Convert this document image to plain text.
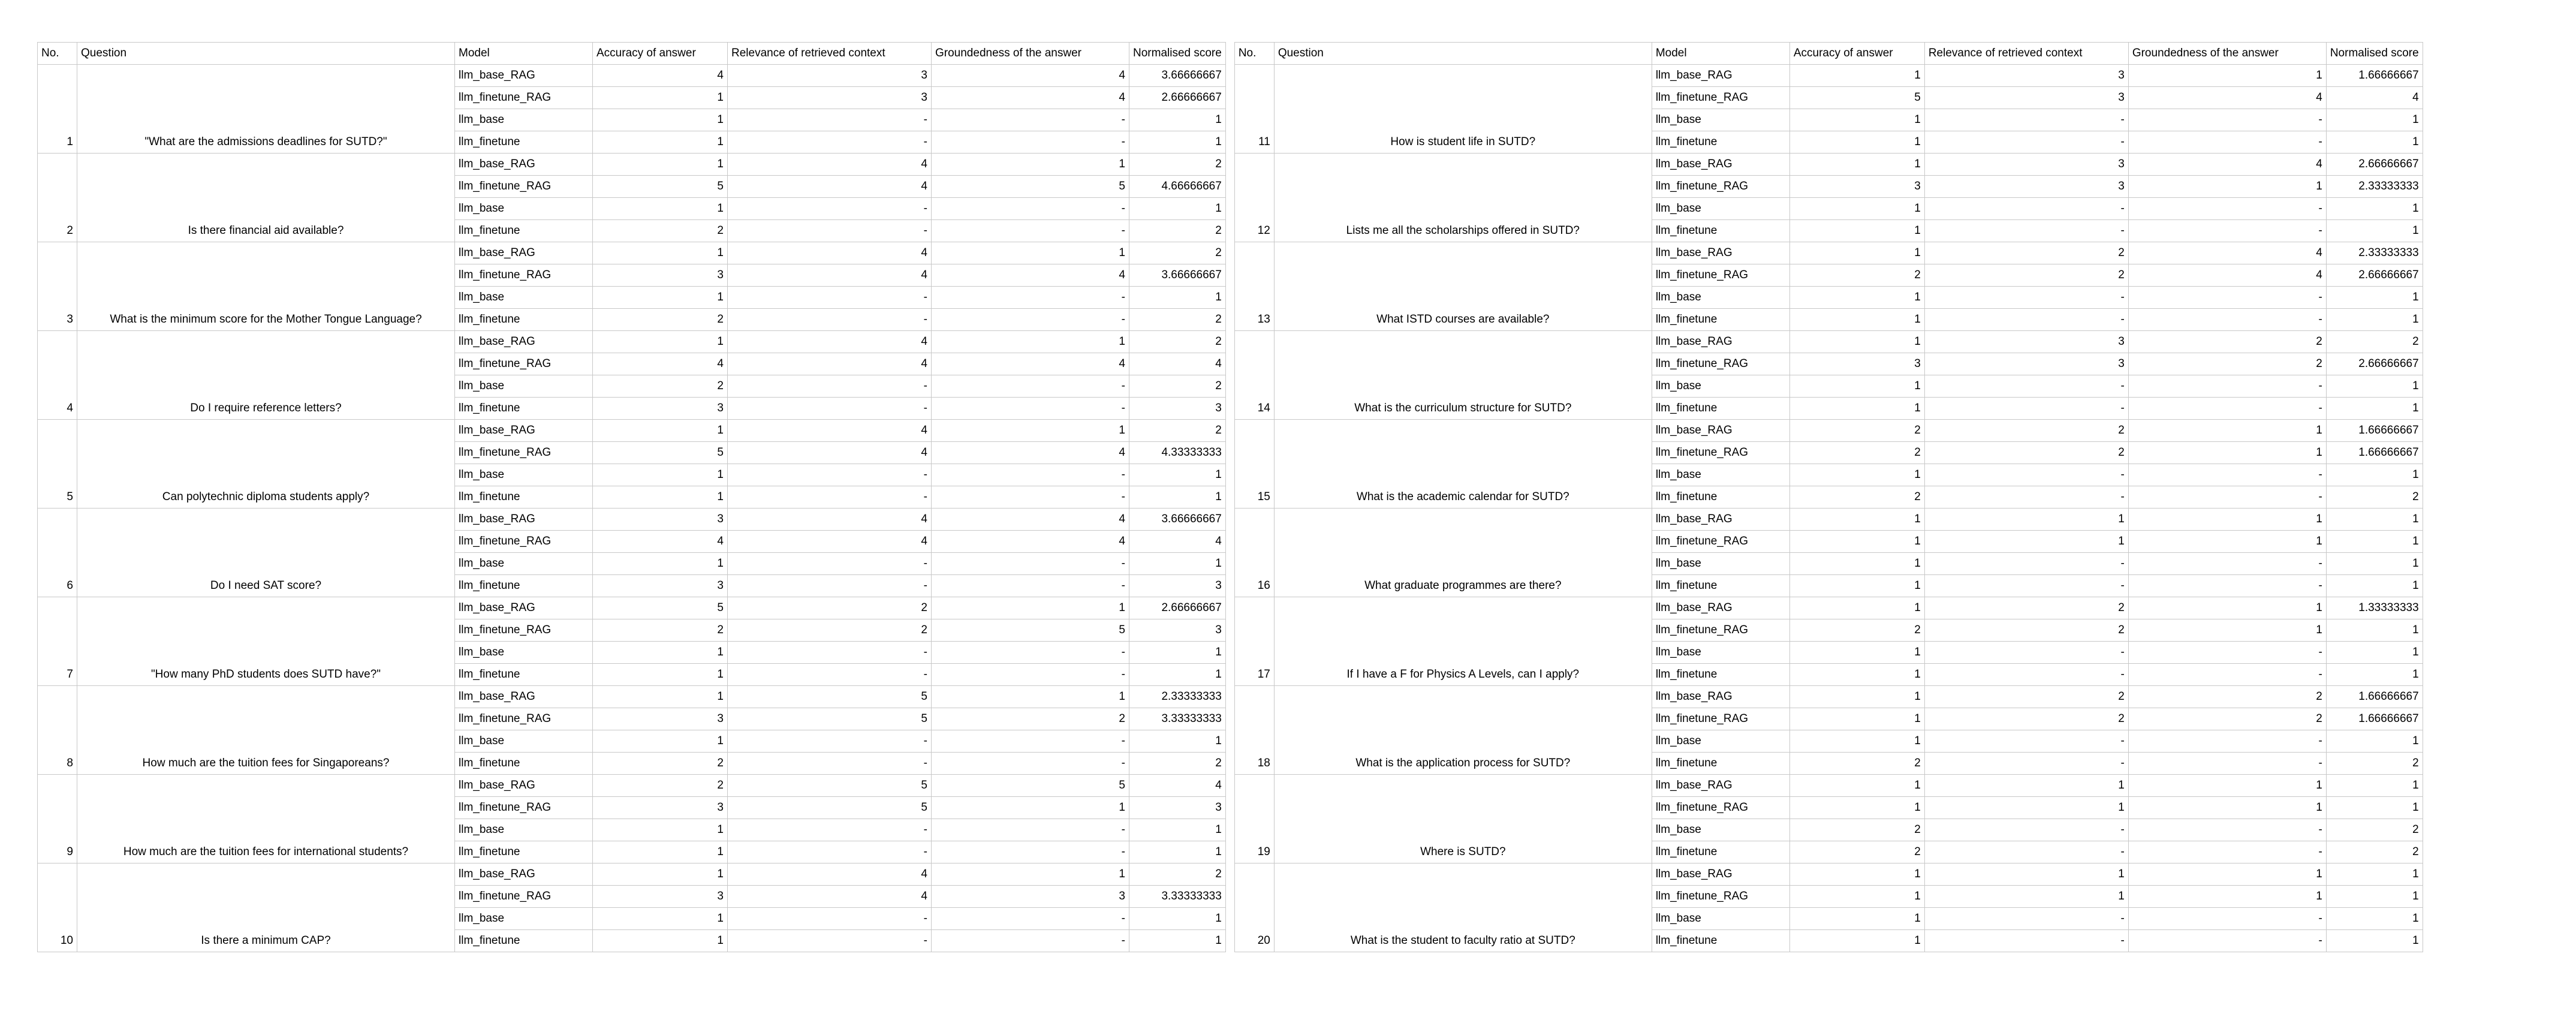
No.	Question	Model	Accuracy of answer	Relevance of retrieved context	Groundedness of the answer	Normalised score
1	"What are the admissions deadlines for SUTD?"	llm_base_RAG	4	3	4	3.66666667
		llm_finetune_RAG	1	3	4	2.66666667
		llm_base	1	-	-	1
		llm_finetune	1	-	-	1
2	Is there financial aid available?	llm_base_RAG	1	4	1	2
		llm_finetune_RAG	5	4	5	4.66666667
		llm_base	1	-	-	1
		llm_finetune	2	-	-	2
3	What is the minimum score for the Mother Tongue Language?	llm_base_RAG	1	4	1	2
		llm_finetune_RAG	3	4	4	3.66666667
		llm_base	1	-	-	1
		llm_finetune	2	-	-	2
4	Do I require reference letters?	llm_base_RAG	1	4	1	2
		llm_finetune_RAG	4	4	4	4
		llm_base	2	-	-	2
		llm_finetune	3	-	-	3
5	Can polytechnic diploma students apply?	llm_base_RAG	1	4	1	2
		llm_finetune_RAG	5	4	4	4.33333333
		llm_base	1	-	-	1
		llm_finetune	1	-	-	1
6	Do I need SAT score?	llm_base_RAG	3	4	4	3.66666667
		llm_finetune_RAG	4	4	4	4
		llm_base	1	-	-	1
		llm_finetune	3	-	-	3
7	"How many PhD students does SUTD have?"	llm_base_RAG	5	2	1	2.66666667
		llm_finetune_RAG	2	2	5	3
		llm_base	1	-	-	1
		llm_finetune	1	-	-	1
8	How much are the tuition fees for Singaporeans?	llm_base_RAG	1	5	1	2.33333333
		llm_finetune_RAG	3	5	2	3.33333333
		llm_base	1	-	-	1
		llm_finetune	2	-	-	2
9	How much are the tuition fees for international students?	llm_base_RAG	2	5	5	4
		llm_finetune_RAG	3	5	1	3
		llm_base	1	-	-	1
		llm_finetune	1	-	-	1
10	Is there a minimum CAP?	llm_base_RAG	1	4	1	2
		llm_finetune_RAG	3	4	3	3.33333333
		llm_base	1	-	-	1
		llm_finetune	1	-	-	1
No.	Question	Model	Accuracy of answer	Relevance of retrieved context	Groundedness of the answer	Normalised score
11	How is student life in SUTD?	llm_base_RAG	1	3	1	1.66666667
		llm_finetune_RAG	5	3	4	4
		llm_base	1	-	-	1
		llm_finetune	1	-	-	1
12	Lists me all the scholarships offered in SUTD?	llm_base_RAG	1	3	4	2.66666667
		llm_finetune_RAG	3	3	1	2.33333333
		llm_base	1	-	-	1
		llm_finetune	1	-	-	1
13	What ISTD courses are available?	llm_base_RAG	1	2	4	2.33333333
		llm_finetune_RAG	2	2	4	2.66666667
		llm_base	1	-	-	1
		llm_finetune	1	-	-	1
14	What is the curriculum structure for SUTD?	llm_base_RAG	1	3	2	2
		llm_finetune_RAG	3	3	2	2.66666667
		llm_base	1	-	-	1
		llm_finetune	1	-	-	1
15	What is the academic calendar for SUTD?	llm_base_RAG	2	2	1	1.66666667
		llm_finetune_RAG	2	2	1	1.66666667
		llm_base	1	-	-	1
		llm_finetune	2	-	-	2
16	What graduate programmes are there?	llm_base_RAG	1	1	1	1
		llm_finetune_RAG	1	1	1	1
		llm_base	1	-	-	1
		llm_finetune	1	-	-	1
17	If I have a F for Physics A Levels, can I apply?	llm_base_RAG	1	2	1	1.33333333
		llm_finetune_RAG	2	2	1	1
		llm_base	1	-	-	1
		llm_finetune	1	-	-	1
18	What is the application process for SUTD?	llm_base_RAG	1	2	2	1.66666667
		llm_finetune_RAG	1	2	2	1.66666667
		llm_base	1	-	-	1
		llm_finetune	2	-	-	2
19	Where is SUTD?	llm_base_RAG	1	1	1	1
		llm_finetune_RAG	1	1	1	1
		llm_base	2	-	-	2
		llm_finetune	2	-	-	2
20	What is the student to faculty ratio at SUTD?	llm_base_RAG	1	1	1	1
		llm_finetune_RAG	1	1	1	1
		llm_base	1	-	-	1
		llm_finetune	1	-	-	1
